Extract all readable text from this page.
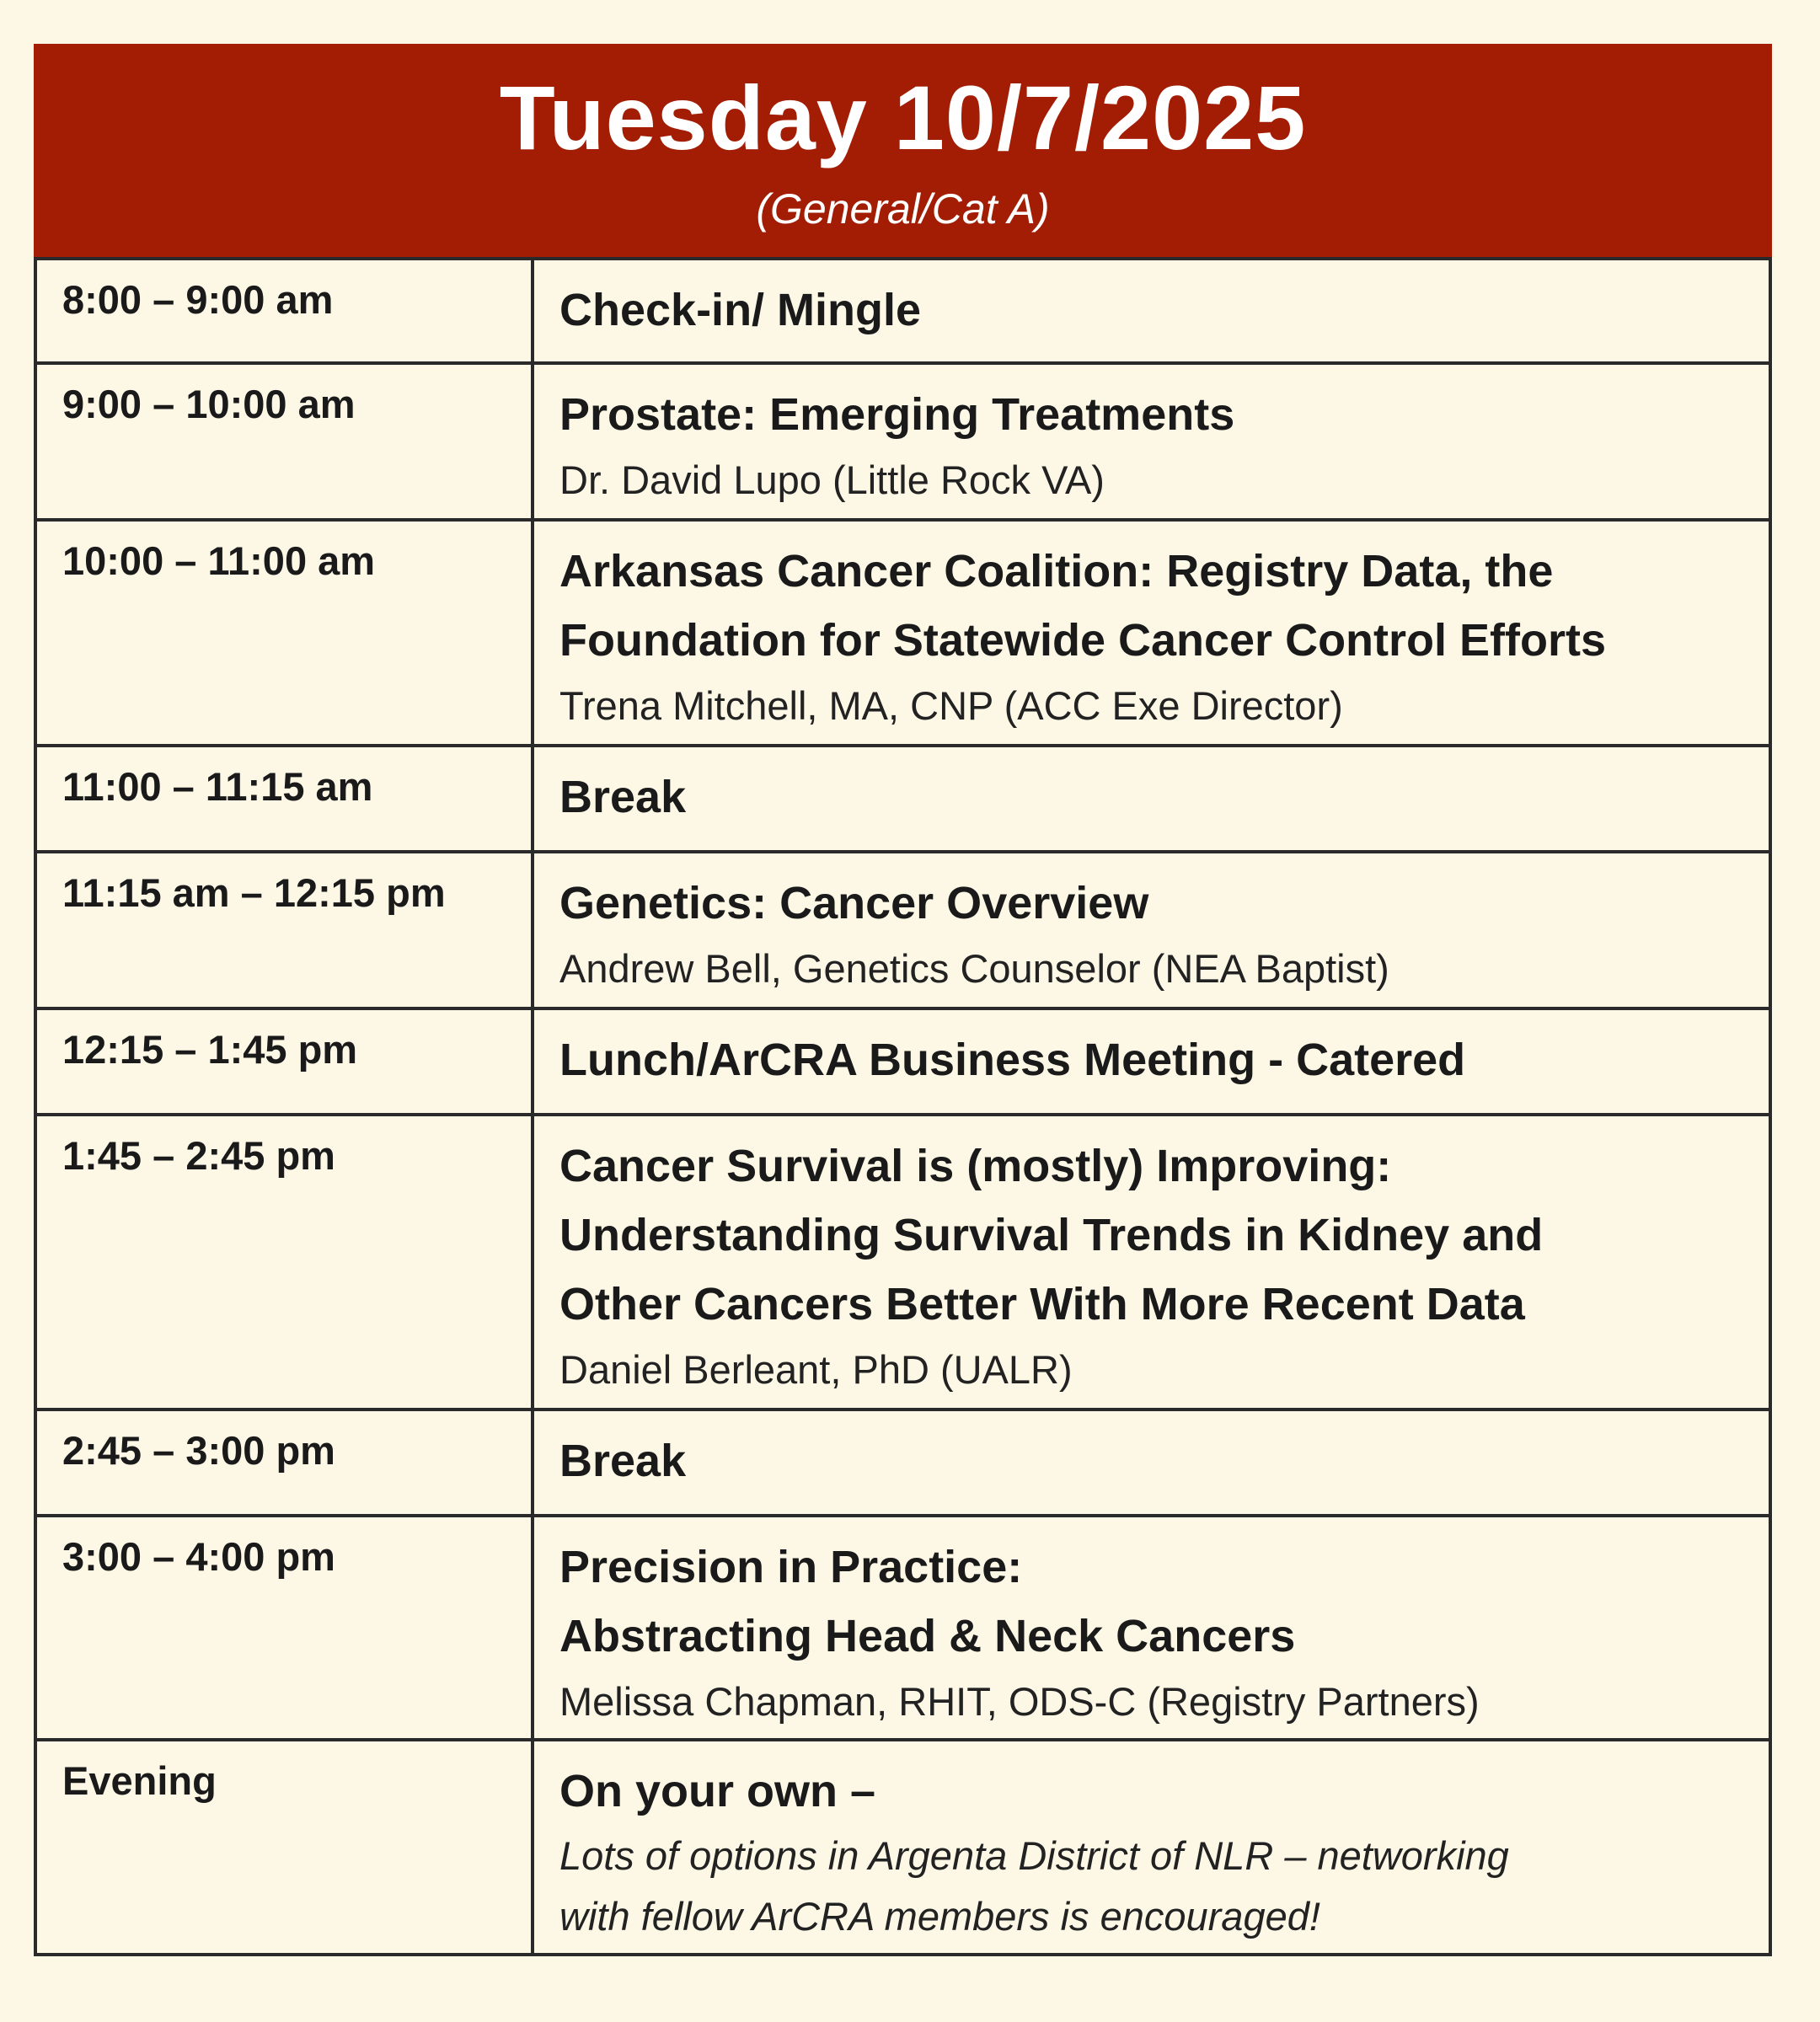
Tuesday 10/7/2025
(General/Cat A)
8:00 – 9:00 am	Check-in/ Mingle
9:00 – 10:00 am	Prostate: Emerging Treatments
Dr. David Lupo (Little Rock VA)
10:00 – 11:00 am	Arkansas Cancer Coalition: Registry Data, the
Foundation for Statewide Cancer Control Efforts
Trena Mitchell, MA, CNP (ACC Exe Director)
11:00 – 11:15 am	Break
11:15 am – 12:15 pm	Genetics: Cancer Overview
Andrew Bell, Genetics Counselor (NEA Baptist)
12:15 – 1:45 pm	Lunch/ArCRA Business Meeting - Catered
1:45 – 2:45 pm	Cancer Survival is (mostly) Improving:
Understanding Survival Trends in Kidney and
Other Cancers Better With More Recent Data
Daniel Berleant, PhD (UALR)
2:45 – 3:00 pm	Break
3:00 – 4:00 pm	Precision in Practice:
Abstracting Head & Neck Cancers
Melissa Chapman, RHIT, ODS-C (Registry Partners)
Evening	On your own –
Lots of options in Argenta District of NLR – networking
with fellow ArCRA members is encouraged!
